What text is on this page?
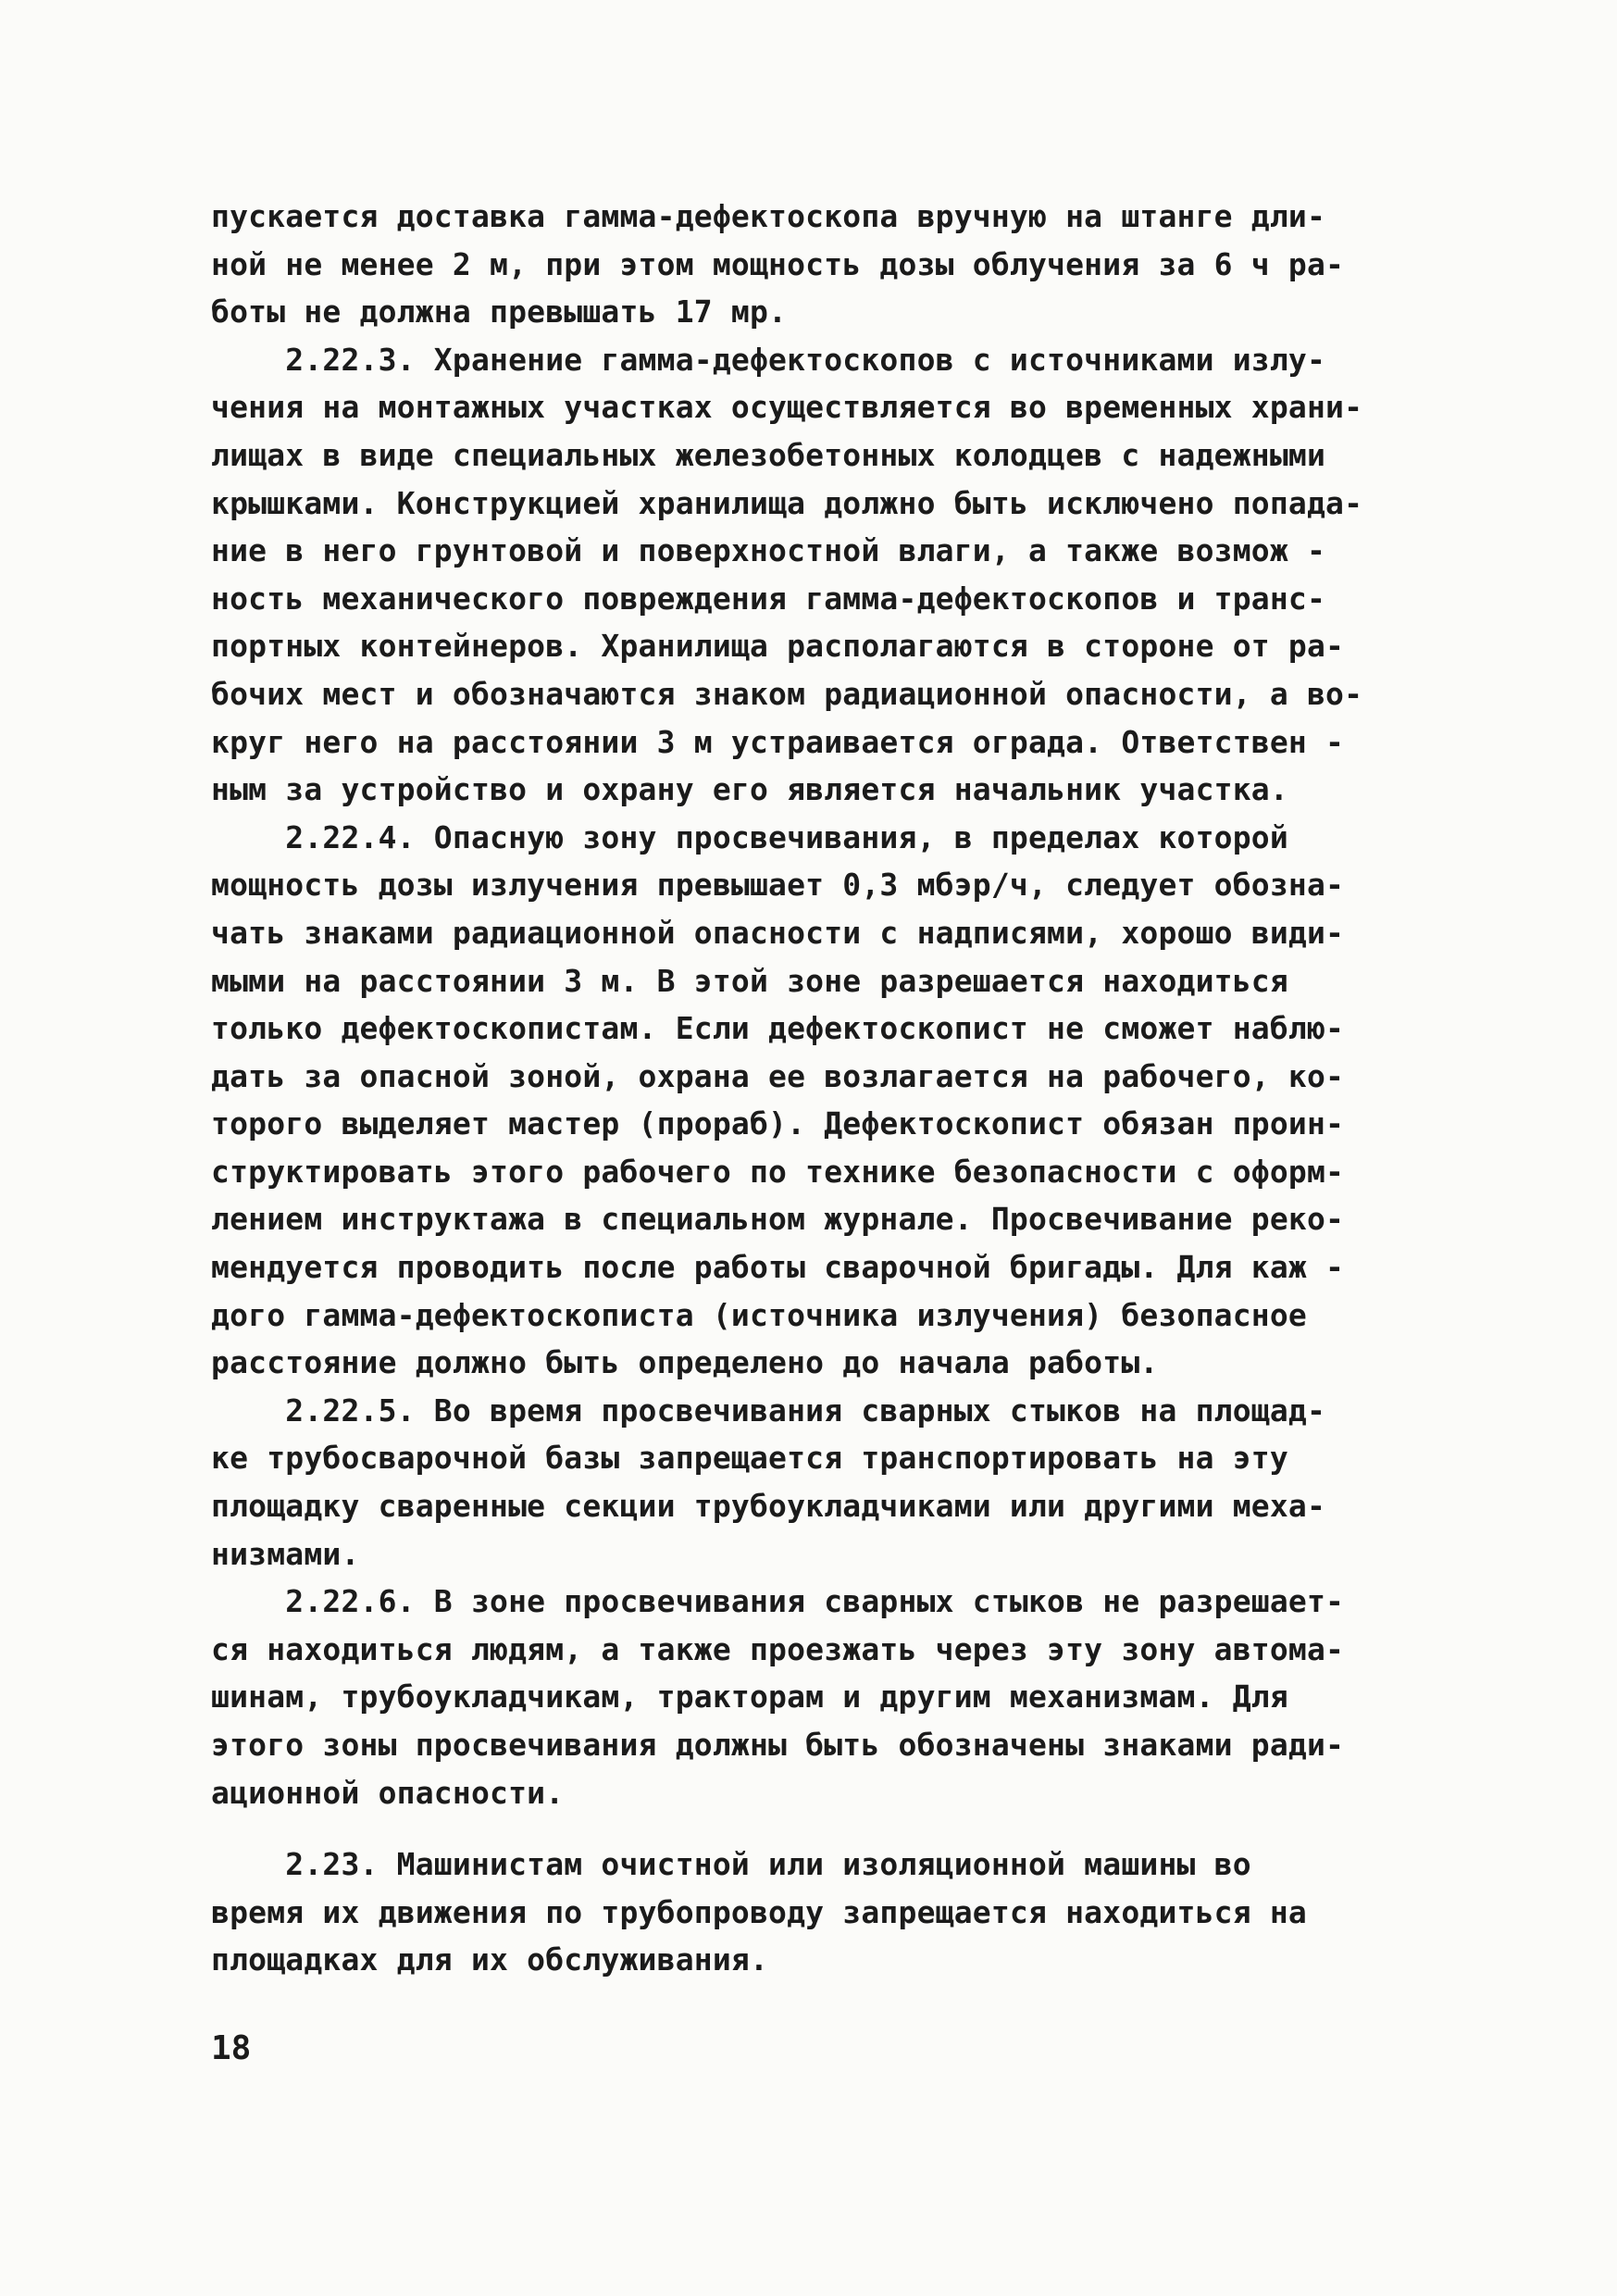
пускается доставка гамма-дефектоскопа вручную на штанге дли-
ной не менее 2 м, при этом мощность дозы облучения за 6 ч ра-
боты не должна превышать 17 мр.
2.22.3. Хранение гамма-дефектоскопов с источниками излу-
чения на монтажных участках осуществляется во временных храни-
лищах в виде специальных железобетонных колодцев с надежными
крышками. Конструкцией хранилища должно быть исключено попада-
ние в него грунтовой и поверхностной влаги, а также возмож -
ность механического повреждения гамма-дефектоскопов и транс-
портных контейнеров. Хранилища располагаются в стороне от ра-
бочих мест и обозначаются знаком радиационной опасности, а во-
круг него на расстоянии 3 м устраивается ограда. Ответствен -
ным за устройство и охрану его является начальник участка.
2.22.4. Опасную зону просвечивания, в пределах которой
мощность дозы излучения превышает 0,3 мбэр/ч, следует обозна-
чать знаками радиационной опасности с надписями, хорошо види-
мыми на расстоянии 3 м. В этой зоне разрешается находиться
только дефектоскопистам. Если дефектоскопист не сможет наблю-
дать за опасной зоной, охрана ее возлагается на рабочего, ко-
торого выделяет мастер (прораб). Дефектоскопист обязан проин-
структировать этого рабочего по технике безопасности с оформ-
лением инструктажа в специальном журнале. Просвечивание реко-
мендуется проводить после работы сварочной бригады. Для каж -
дого гамма-дефектоскописта (источника излучения) безопасное
расстояние должно быть определено до начала работы.
2.22.5. Во время просвечивания сварных стыков на площад-
ке трубосварочной базы запрещается транспортировать на эту
площадку сваренные секции трубоукладчиками или другими меха-
низмами.
2.22.6. В зоне просвечивания сварных стыков не разрешает-
ся находиться людям, а также проезжать через эту зону автома-
шинам, трубоукладчикам, тракторам и другим механизмам. Для
этого зоны просвечивания должны быть обозначены знаками ради-
ационной опасности.
2.23. Машинистам очистной или изоляционной машины во
время их движения по трубопроводу запрещается находиться на
площадках для их обслуживания.
18
